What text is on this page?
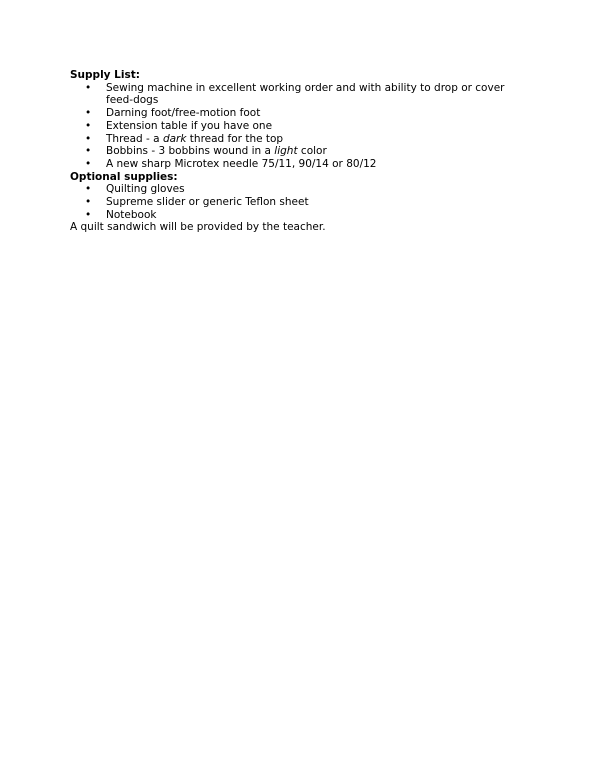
Supply List:

•	Sewing machine in excellent working order and with ability to drop or cover
feed-dogs
•	Darning foot/free-motion foot
•	Extension table if you have one
•	Thread - a dark thread for the top
•	Bobbins - 3 bobbins wound in a light color
•	A new sharp Microtex needle 75/11, 90/14 or 80/12

Optional supplies:

•	Quilting gloves
•	Supreme slider or generic Teflon sheet
•	Notebook

A quilt sandwich will be provided by the teacher.
